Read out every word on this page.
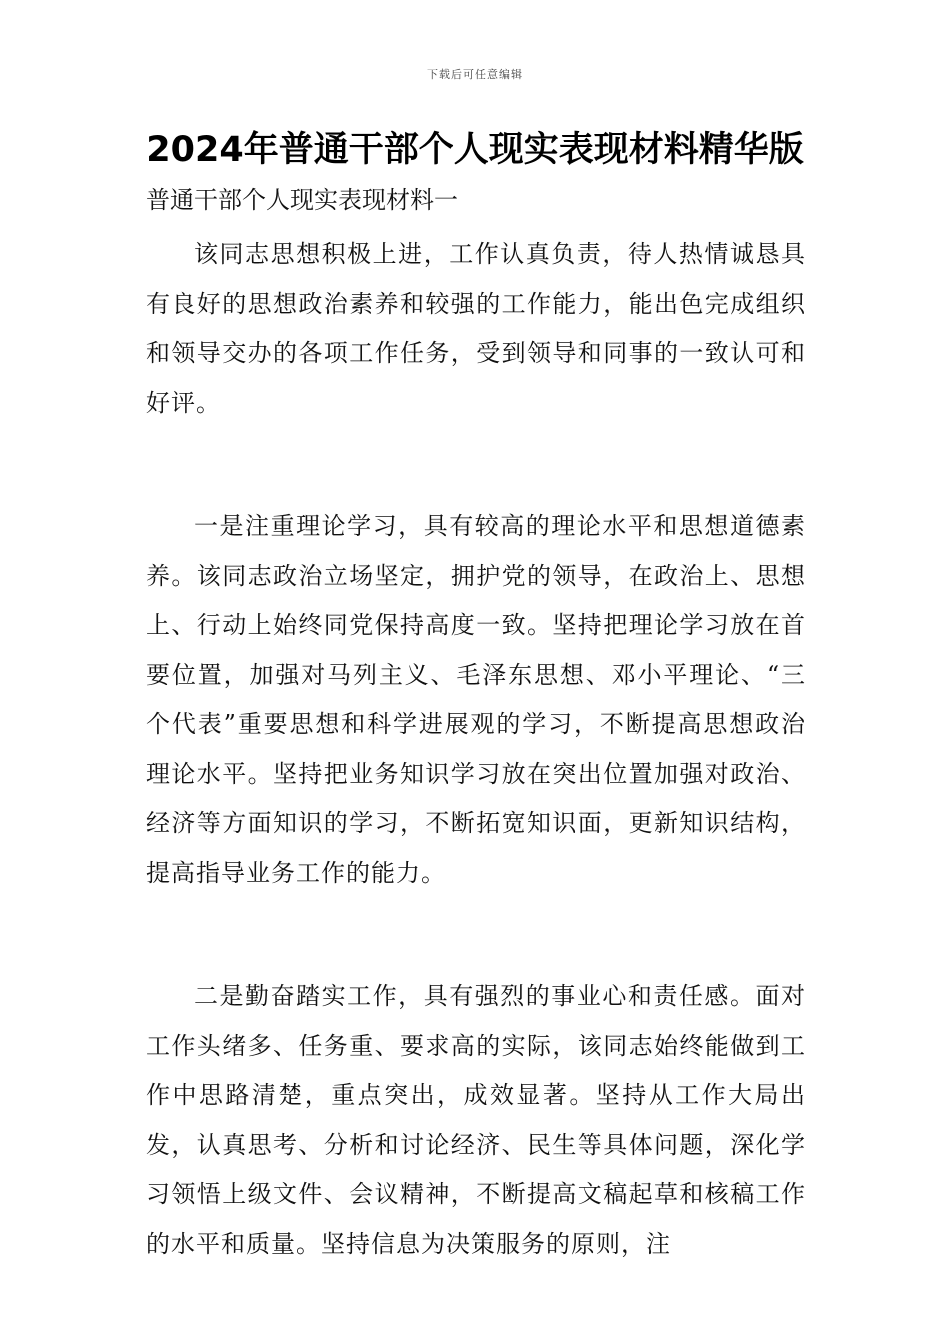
下载后可任意编辑
2024年普通干部个人现实表现材料精华版
普通干部个人现实表现材料一

该同志思想积极上进，工作认真负责，待人热情诚恳具有良好的思想政治素养和较强的工作能力，能出色完成组织和领导交办的各项工作任务，受到领导和同事的一致认可和好评。

一是注重理论学习，具有较高的理论水平和思想道德素养。该同志政治立场坚定，拥护党的领导，在政治上、思想上、行动上始终同党保持高度一致。坚持把理论学习放在首要位置，加强对马列主义、毛泽东思想、邓小平理论、“三个代表”重要思想和科学进展观的学习，不断提高思想政治理论水平。坚持把业务知识学习放在突出位置加强对政治、经济等方面知识的学习，不断拓宽知识面，更新知识结构，提高指导业务工作的能力。

二是勤奋踏实工作，具有强烈的事业心和责任感。面对工作头绪多、任务重、要求高的实际，该同志始终能做到工作中思路清楚，重点突出，成效显著。坚持从工作大局出发，认真思考、分析和讨论经济、民生等具体问题，深化学习领悟上级文件、会议精神，不断提高文稿起草和核稿工作的水平和质量。坚持信息为决策服务的原则，注
